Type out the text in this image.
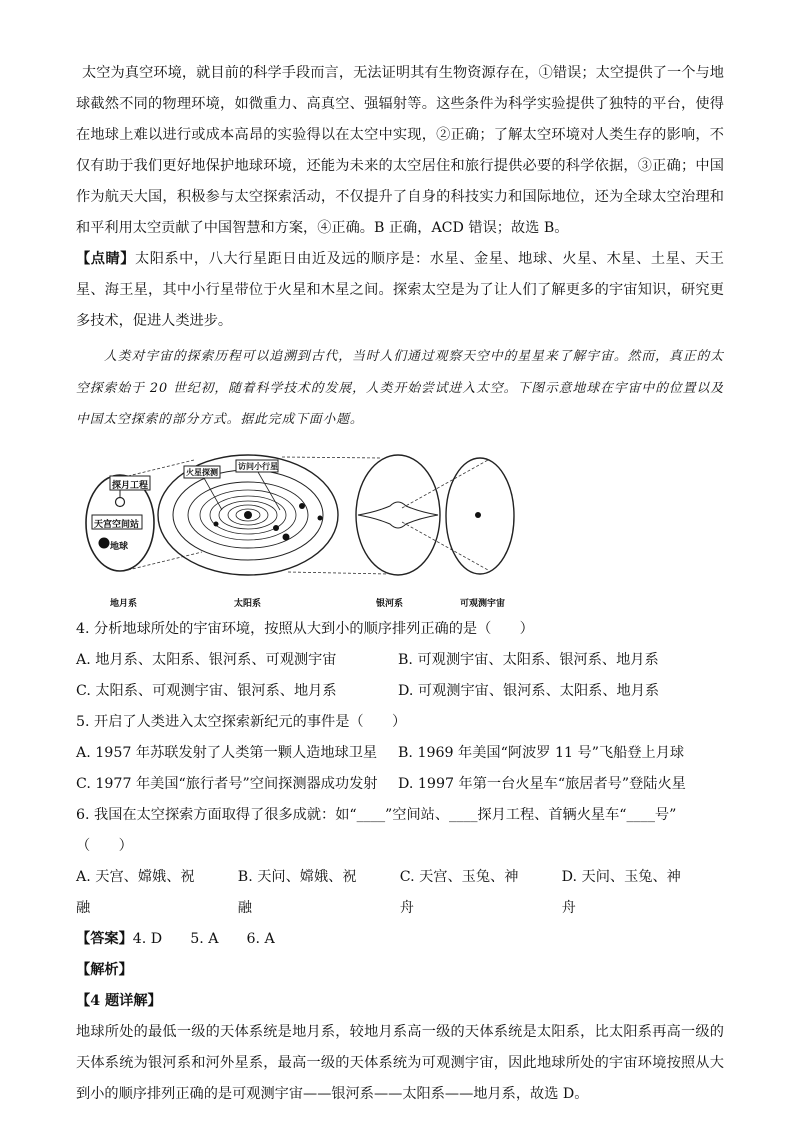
太空为真空环境，就目前的科学手段而言，无法证明其有生物资源存在，①错误；太空提供了一个与地球截然不同的物理环境，如微重力、高真空、强辐射等。这些条件为科学实验提供了独特的平台，使得在地球上难以进行或成本高昂的实验得以在太空中实现，②正确；了解太空环境对人类生存的影响，不仅有助于我们更好地保护地球环境，还能为未来的太空居住和旅行提供必要的科学依据，③正确；中国作为航天大国，积极参与太空探索活动，不仅提升了自身的科技实力和国际地位，还为全球太空治理和和平利用太空贡献了中国智慧和方案，④正确。B 正确，ACD 错误；故选 B。

【点睛】太阳系中，八大行星距日由近及远的顺序是：水星、金星、地球、火星、木星、土星、天王星、海王星，其中小行星带位于火星和木星之间。探索太空是为了让人们了解更多的宇宙知识，研究更多技术，促进人类进步。

人类对宇宙的探索历程可以追溯到古代，当时人们通过观察天空中的星星来了解宇宙。然而，真正的太空探索始于 20 世纪初，随着科学技术的发展，人类开始尝试进入太空。下图示意地球在宇宙中的位置以及中国太空探索的部分方式。据此完成下面小题。

探月工程
天宫空间站
地球
火星探测
访问小行星
地月系	太阳系	银河系	可观测宇宙

4. 分析地球所处的宇宙环境，按照从大到小的顺序排列正确的是（　　）

A. 地月系、太阳系、银河系、可观测宇宙	B. 可观测宇宙、太阳系、银河系、地月系
C. 太阳系、可观测宇宙、银河系、地月系	D. 可观测宇宙、银河系、太阳系、地月系

5. 开启了人类进入太空探索新纪元的事件是（　　）

A. 1957 年苏联发射了人类第一颗人造地球卫星	B. 1969 年美国“阿波罗 11 号”飞船登上月球
C. 1977 年美国“旅行者号”空间探测器成功发射	D. 1997 年第一台火星车“旅居者号”登陆火星

6. 我国在太空探索方面取得了很多成就：如“____”空间站、____探月工程、首辆火星车“____号”

（　　）

A. 天宫、嫦娥、祝融
B. 天问、嫦娥、祝融
C. 天宫、玉兔、神舟
D. 天问、玉兔、神舟

【答案】4. D 5. A 6. A

【解析】

【4 题详解】

地球所处的最低一级的天体系统是地月系，较地月系高一级的天体系统是太阳系，比太阳系再高一级的天体系统为银河系和河外星系，最高一级的天体系统为可观测宇宙，因此地球所处的宇宙环境按照从大到小的顺序排列正确的是可观测宇宙——银河系——太阳系——地月系，故选 D。
